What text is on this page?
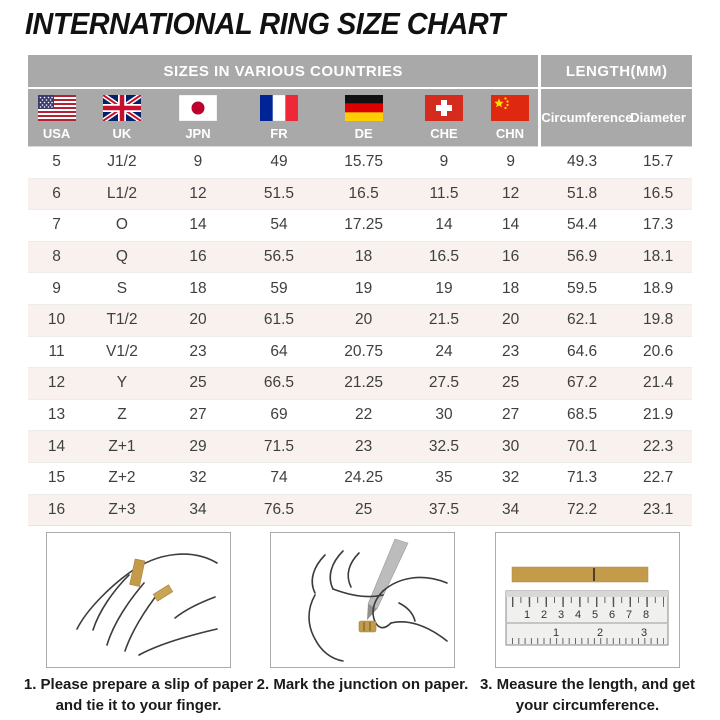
INTERNATIONAL RING SIZE CHART
SIZES IN VARIOUS COUNTRIES							LENGTH(MM)	

USA	UK	JPN	FR	DE	CHE	CHN	Circumference	Diameter
5	J1/2	9	49	15.75	9	9	49.3	15.7
6	L1/2	12	51.5	16.5	11.5	12	51.8	16.5
7	O	14	54	17.25	14	14	54.4	17.3
8	Q	16	56.5	18	16.5	16	56.9	18.1
9	S	18	59	19	19	18	59.5	18.9
10	T1/2	20	61.5	20	21.5	20	62.1	19.8
11	V1/2	23	64	20.75	24	23	64.6	20.6
12	Y	25	66.5	21.25	27.5	25	67.2	21.4
13	Z	27	69	22	30	27	68.5	21.9
14	Z+1	29	71.5	23	32.5	30	70.1	22.3
15	Z+2	32	74	24.25	35	32	71.3	22.7
16	Z+3	34	76.5	25	37.5	34	72.2	23.1
1 2 3 4 5 6 7 8
1	2	3
1. Please prepare a slip of paper and tie it to your finger.
2. Mark the junction on paper. 3. Measure the length, and get your circumference.
